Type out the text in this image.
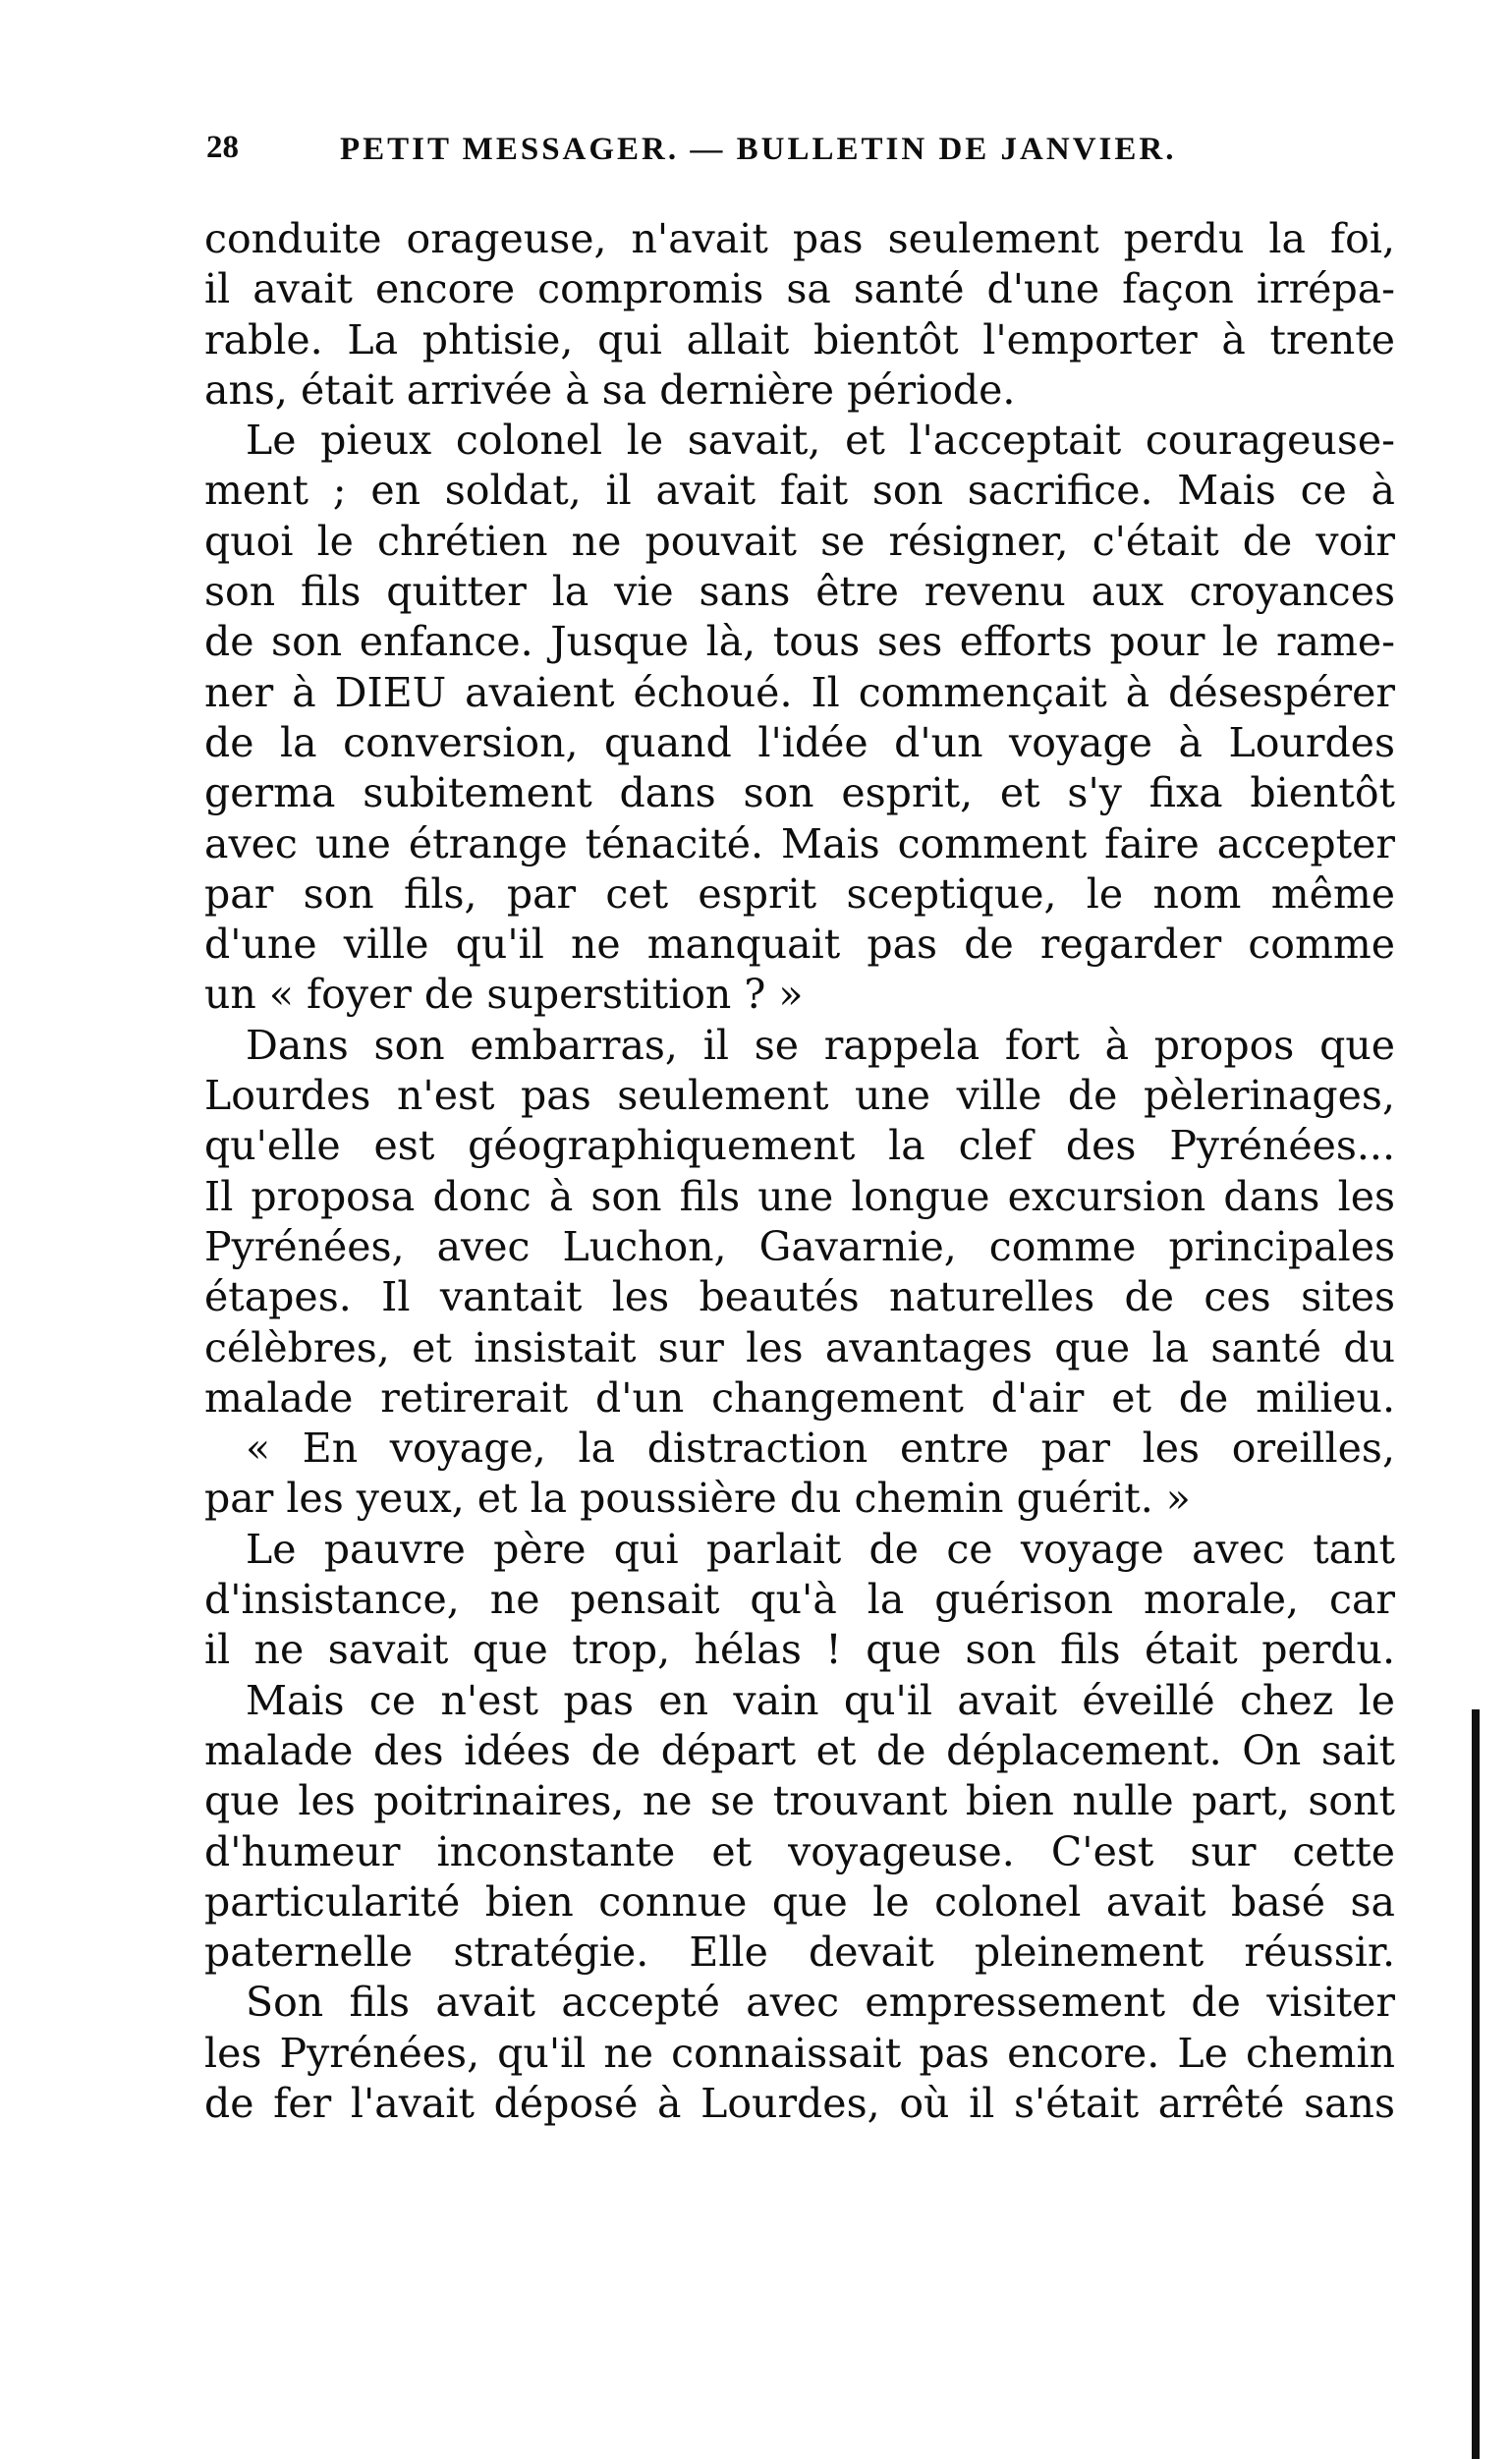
28	PETIT MESSAGER. — BULLETIN DE JANVIER.
conduite orageuse, n'avait pas seulement perdu la foi,
il avait encore compromis sa santé d'une façon irrépa-
rable. La phtisie, qui allait bientôt l'emporter à trente
ans, était arrivée à sa dernière période.
Le pieux colonel le savait, et l'acceptait courageuse-
ment ; en soldat, il avait fait son sacrifice. Mais ce à
quoi le chrétien ne pouvait se résigner, c'était de voir
son fils quitter la vie sans être revenu aux croyances
de son enfance. Jusque là, tous ses efforts pour le rame-
ner à DIEU avaient échoué. Il commençait à désespérer
de la conversion, quand l'idée d'un voyage à Lourdes
germa subitement dans son esprit, et s'y fixa bientôt
avec une étrange ténacité. Mais comment faire accepter
par son fils, par cet esprit sceptique, le nom même
d'une ville qu'il ne manquait pas de regarder comme
un « foyer de superstition ? »
Dans son embarras, il se rappela fort à propos que
Lourdes n'est pas seulement une ville de pèlerinages,
qu'elle est géographiquement la clef des Pyrénées...
Il proposa donc à son fils une longue excursion dans les
Pyrénées, avec Luchon, Gavarnie, comme principales
étapes. Il vantait les beautés naturelles de ces sites
célèbres, et insistait sur les avantages que la santé du
malade retirerait d'un changement d'air et de milieu.
« En voyage, la distraction entre par les oreilles,
par les yeux, et la poussière du chemin guérit. »
Le pauvre père qui parlait de ce voyage avec tant
d'insistance, ne pensait qu'à la guérison morale, car
il ne savait que trop, hélas ! que son fils était perdu.
Mais ce n'est pas en vain qu'il avait éveillé chez le
malade des idées de départ et de déplacement. On sait
que les poitrinaires, ne se trouvant bien nulle part, sont
d'humeur inconstante et voyageuse. C'est sur cette
particularité bien connue que le colonel avait basé sa
paternelle stratégie. Elle devait pleinement réussir.
Son fils avait accepté avec empressement de visiter
les Pyrénées, qu'il ne connaissait pas encore. Le chemin
de fer l'avait déposé à Lourdes, où il s'était arrêté sans
